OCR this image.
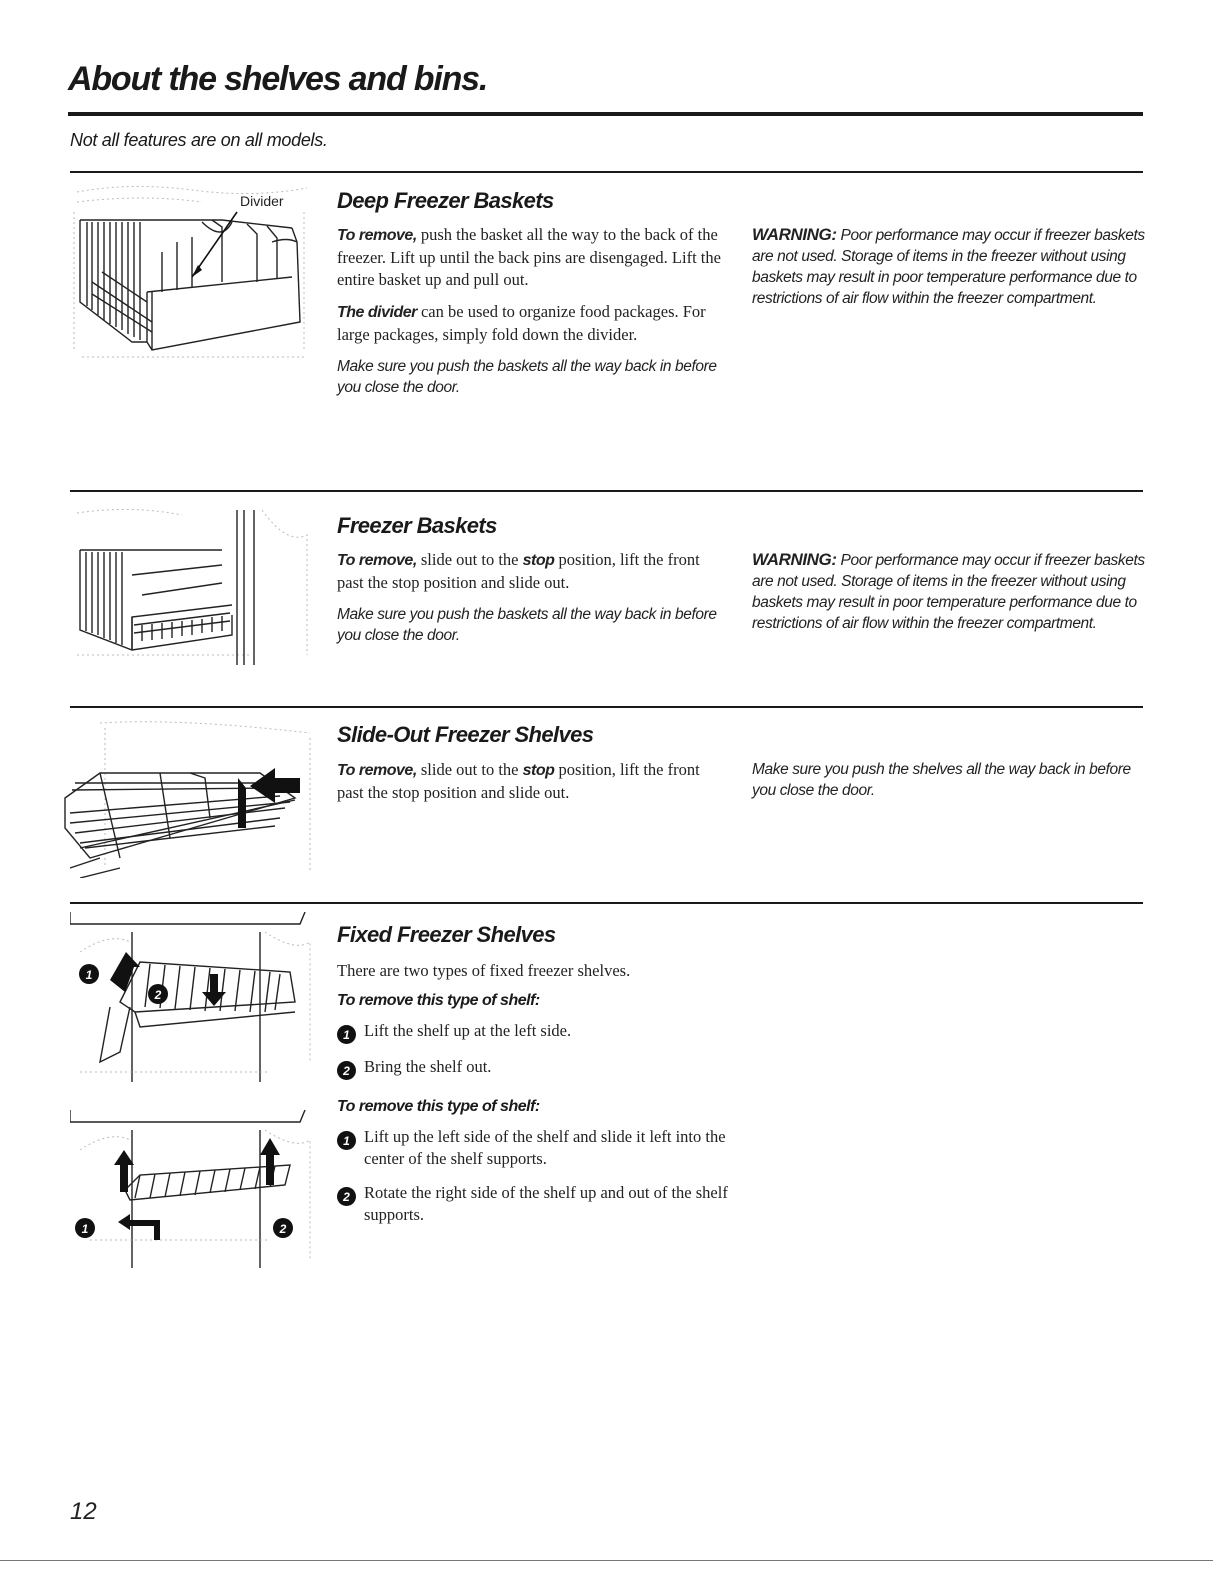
About the shelves and bins.
Not all features are on all models.
Divider Deep Freezer Baskets

To remove, push the basket all the way to the back of the freezer. Lift up until the back pins are disengaged. Lift the entire basket up and pull out.

The divider can be used to organize food packages. For large packages, simply fold down the divider.

Make sure you push the baskets all the way back in before you close the door.

WARNING: Poor performance may occur if freezer baskets are not used. Storage of items in the freezer without using baskets may result in poor temperature performance due to restrictions of air flow within the freezer compartment.

Freezer Baskets

To remove, slide out to the stop position, lift the front past the stop position and slide out.

Make sure you push the baskets all the way back in before you close the door.

WARNING: Poor performance may occur if freezer baskets are not used. Storage of items in the freezer without using baskets may result in poor temperature performance due to restrictions of air flow within the freezer compartment.

Slide-Out Freezer Shelves

To remove, slide out to the stop position, lift the front past the stop position and slide out.

Make sure you push the shelves all the way back in before you close the door.

1
2
1	2
Fixed Freezer Shelves

There are two types of fixed freezer shelves.

To remove this type of shelf:

1 Lift the shelf up at the left side.
2 Bring the shelf out.

To remove this type of shelf:

1 Lift up the left side of the shelf and slide it left into the center of the shelf supports.
2 Rotate the right side of the shelf up and out of the shelf supports.
12
